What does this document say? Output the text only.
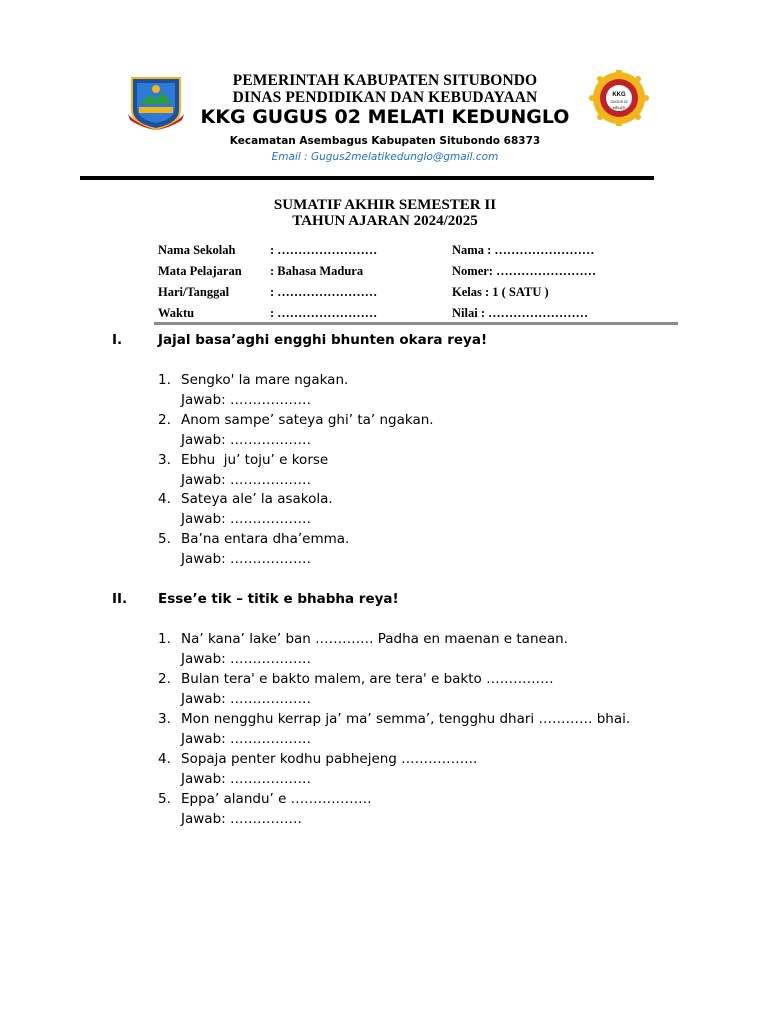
KKG
GUGUS 02
MELATI
PEMERINTAH KABUPATEN SITUBONDO
DINAS PENDIDIKAN DAN KEBUDAYAAN
KKG GUGUS 02 MELATI KEDUNGLO
Kecamatan Asembagus Kabupaten Situbondo 68373
Email : Gugus2melatikedunglo@gmail.com
SUMATIF AKHIR SEMESTER II
TAHUN AJARAN 2024/2025
Nama Sekolah	: ……………………	Nama : ……………………
Mata Pelajaran : Bahasa Madura	Nomer: ……………………
Hari/Tanggal	: ……………………	Kelas : 1 ( SATU )
Waktu	: ……………………	Nilai : ……………………
I.	Jajal basa’aghi engghi bhunten okara reya!
1. Sengko' la mare ngakan.
Jawab: ………………
2. Anom sampe’ sateya ghi’ ta’ ngakan.
Jawab: ………………
3. Ebhu  ju’ toju’ e korse
Jawab: ………………
4. Sateya ale’ la asakola.
Jawab: ………………
5. Ba’na entara dha’emma.
Jawab: ………………
II. Esse’e tik – titik e bhabha reya!
1. Na’ kana’ lake’ ban …………. Padha en maenan e tanean.
Jawab: ………………
2. Bulan tera' e bakto malem, are tera' e bakto ……………
Jawab: ………………
3. Mon nengghu kerrap ja’ ma’ semma’, tengghu dhari ………… bhai.
Jawab: ………………
4. Sopaja penter kodhu pabhejeng ……………..
Jawab: ………………
5. Eppa’ alandu’ e ………………
Jawab: …………….
